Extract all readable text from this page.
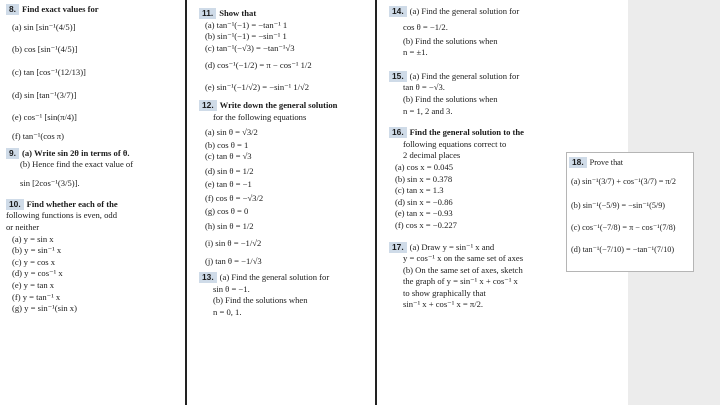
8. Find exact values for
(a) sin [sin⁻¹(4/5)]
(b) cos [sin⁻¹(4/5)]
(c) tan [cos⁻¹(12/13)]
(d) sin [tan⁻¹(3/7)]
(e) cos⁻¹ [sin(π/4)]
(f) tan⁻¹(cos π)
9. (a) Write sin 2θ in terms of θ.
(b) Hence find the exact value of
sin [2cos⁻¹(3/5)].
10. Find whether each of the
following functions is even, odd
or neither
(a) y = sin x
(b) y = sin⁻¹ x
(c) y = cos x
(d) y = cos⁻¹ x
(e) y = tan x
(f) y = tan⁻¹ x
(g) y = sin⁻¹(sin x)
11. Show that
(a) tan⁻¹(−1) = −tan⁻¹ 1
(b) sin⁻¹(−1) = −sin⁻¹ 1
(c) tan⁻¹(−√3) = −tan⁻¹√3
(d) cos⁻¹(−1/2) = π − cos⁻¹ 1/2
(e) sin⁻¹(−1/√2) = −sin⁻¹ 1/√2
12. Write down the general solution
for the following equations
(a) sin θ = √3/2
(b) cos θ = 1
(c) tan θ = √3
(d) sin θ = 1/2
(e) tan θ = −1
(f) cos θ = −√3/2
(g) cos θ = 0
(h) sin θ = 1/2
(i) sin θ = −1/√2
(j) tan θ = −1/√3
13. (a) Find the general solution for
sin θ = −1.
(b) Find the solutions when
n = 0, 1.
14. (a) Find the general solution for
cos θ = −1/2.
(b) Find the solutions when
n = ±1.
15. (a) Find the general solution for
tan θ = −√3.
(b) Find the solutions when
n = 1, 2 and 3.
16. Find the general solution to the
following equations correct to
2 decimal places
(a) cos x = 0.045
(b) sin x = 0.378
(c) tan x = 1.3
(d) sin x = −0.86
(e) tan x = −0.93
(f) cos x = −0.227
17. (a) Draw y = sin⁻¹ x and
y = cos⁻¹ x on the same set of axes
(b) On the same set of axes, sketch
the graph of y = sin⁻¹ x + cos⁻¹ x
to show graphically that
sin⁻¹ x + cos⁻¹ x = π/2.
18. Prove that
(a) sin⁻¹(3/7) + cos⁻¹(3/7) = π/2
(b) sin⁻¹(−5/9) = −sin⁻¹(5/9)
(c) cos⁻¹(−7/8) = π − cos⁻¹(7/8)
(d) tan⁻¹(−7/10) = −tan⁻¹(7/10)
